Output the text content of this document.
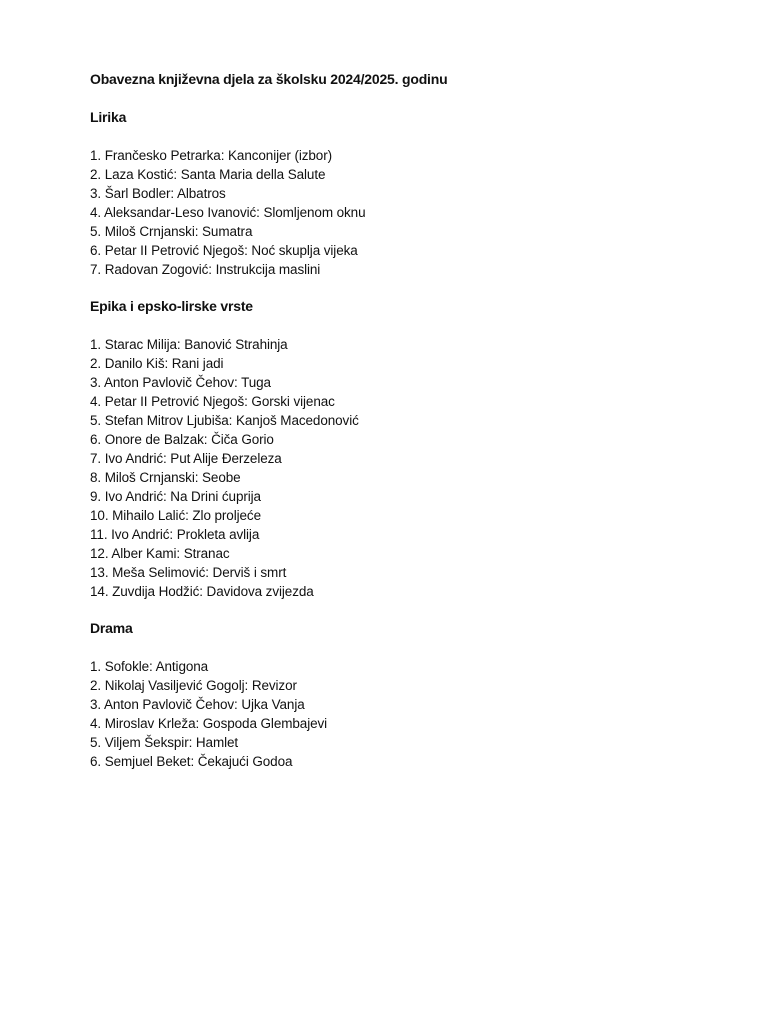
Obavezna književna djela za školsku 2024/2025. godinu
Lirika
1. Frančesko Petrarka: Kanconijer (izbor)
2. Laza Kostić: Santa Maria della Salute
3. Šarl Bodler: Albatros
4. Aleksandar-Leso Ivanović: Slomljenom oknu
5. Miloš Crnjanski: Sumatra
6. Petar II Petrović Njegoš: Noć skuplja vijeka
7. Radovan Zogović: Instrukcija maslini
Epika i epsko-lirske vrste
1. Starac Milija: Banović Strahinja
2. Danilo Kiš: Rani jadi
3. Anton Pavlovič Čehov: Tuga
4. Petar II Petrović Njegoš: Gorski vijenac
5. Stefan Mitrov Ljubiša: Kanjoš Macedonović
6. Onore de Balzak: Čiča Gorio
7. Ivo Andrić: Put Alije Đerzeleza
8. Miloš Crnjanski: Seobe
9. Ivo Andrić: Na Drini ćuprija
10. Mihailo Lalić: Zlo proljeće
11. Ivo Andrić: Prokleta avlija
12. Alber Kami: Stranac
13. Meša Selimović: Derviš i smrt
14. Zuvdija Hodžić: Davidova zvijezda
Drama
1. Sofokle: Antigona
2. Nikolaj Vasiljević Gogolj: Revizor
3. Anton Pavlovič Čehov: Ujka Vanja
4. Miroslav Krleža: Gospoda Glembajevi
5. Viljem Šekspir: Hamlet
6. Semjuel Beket: Čekajući Godoa
